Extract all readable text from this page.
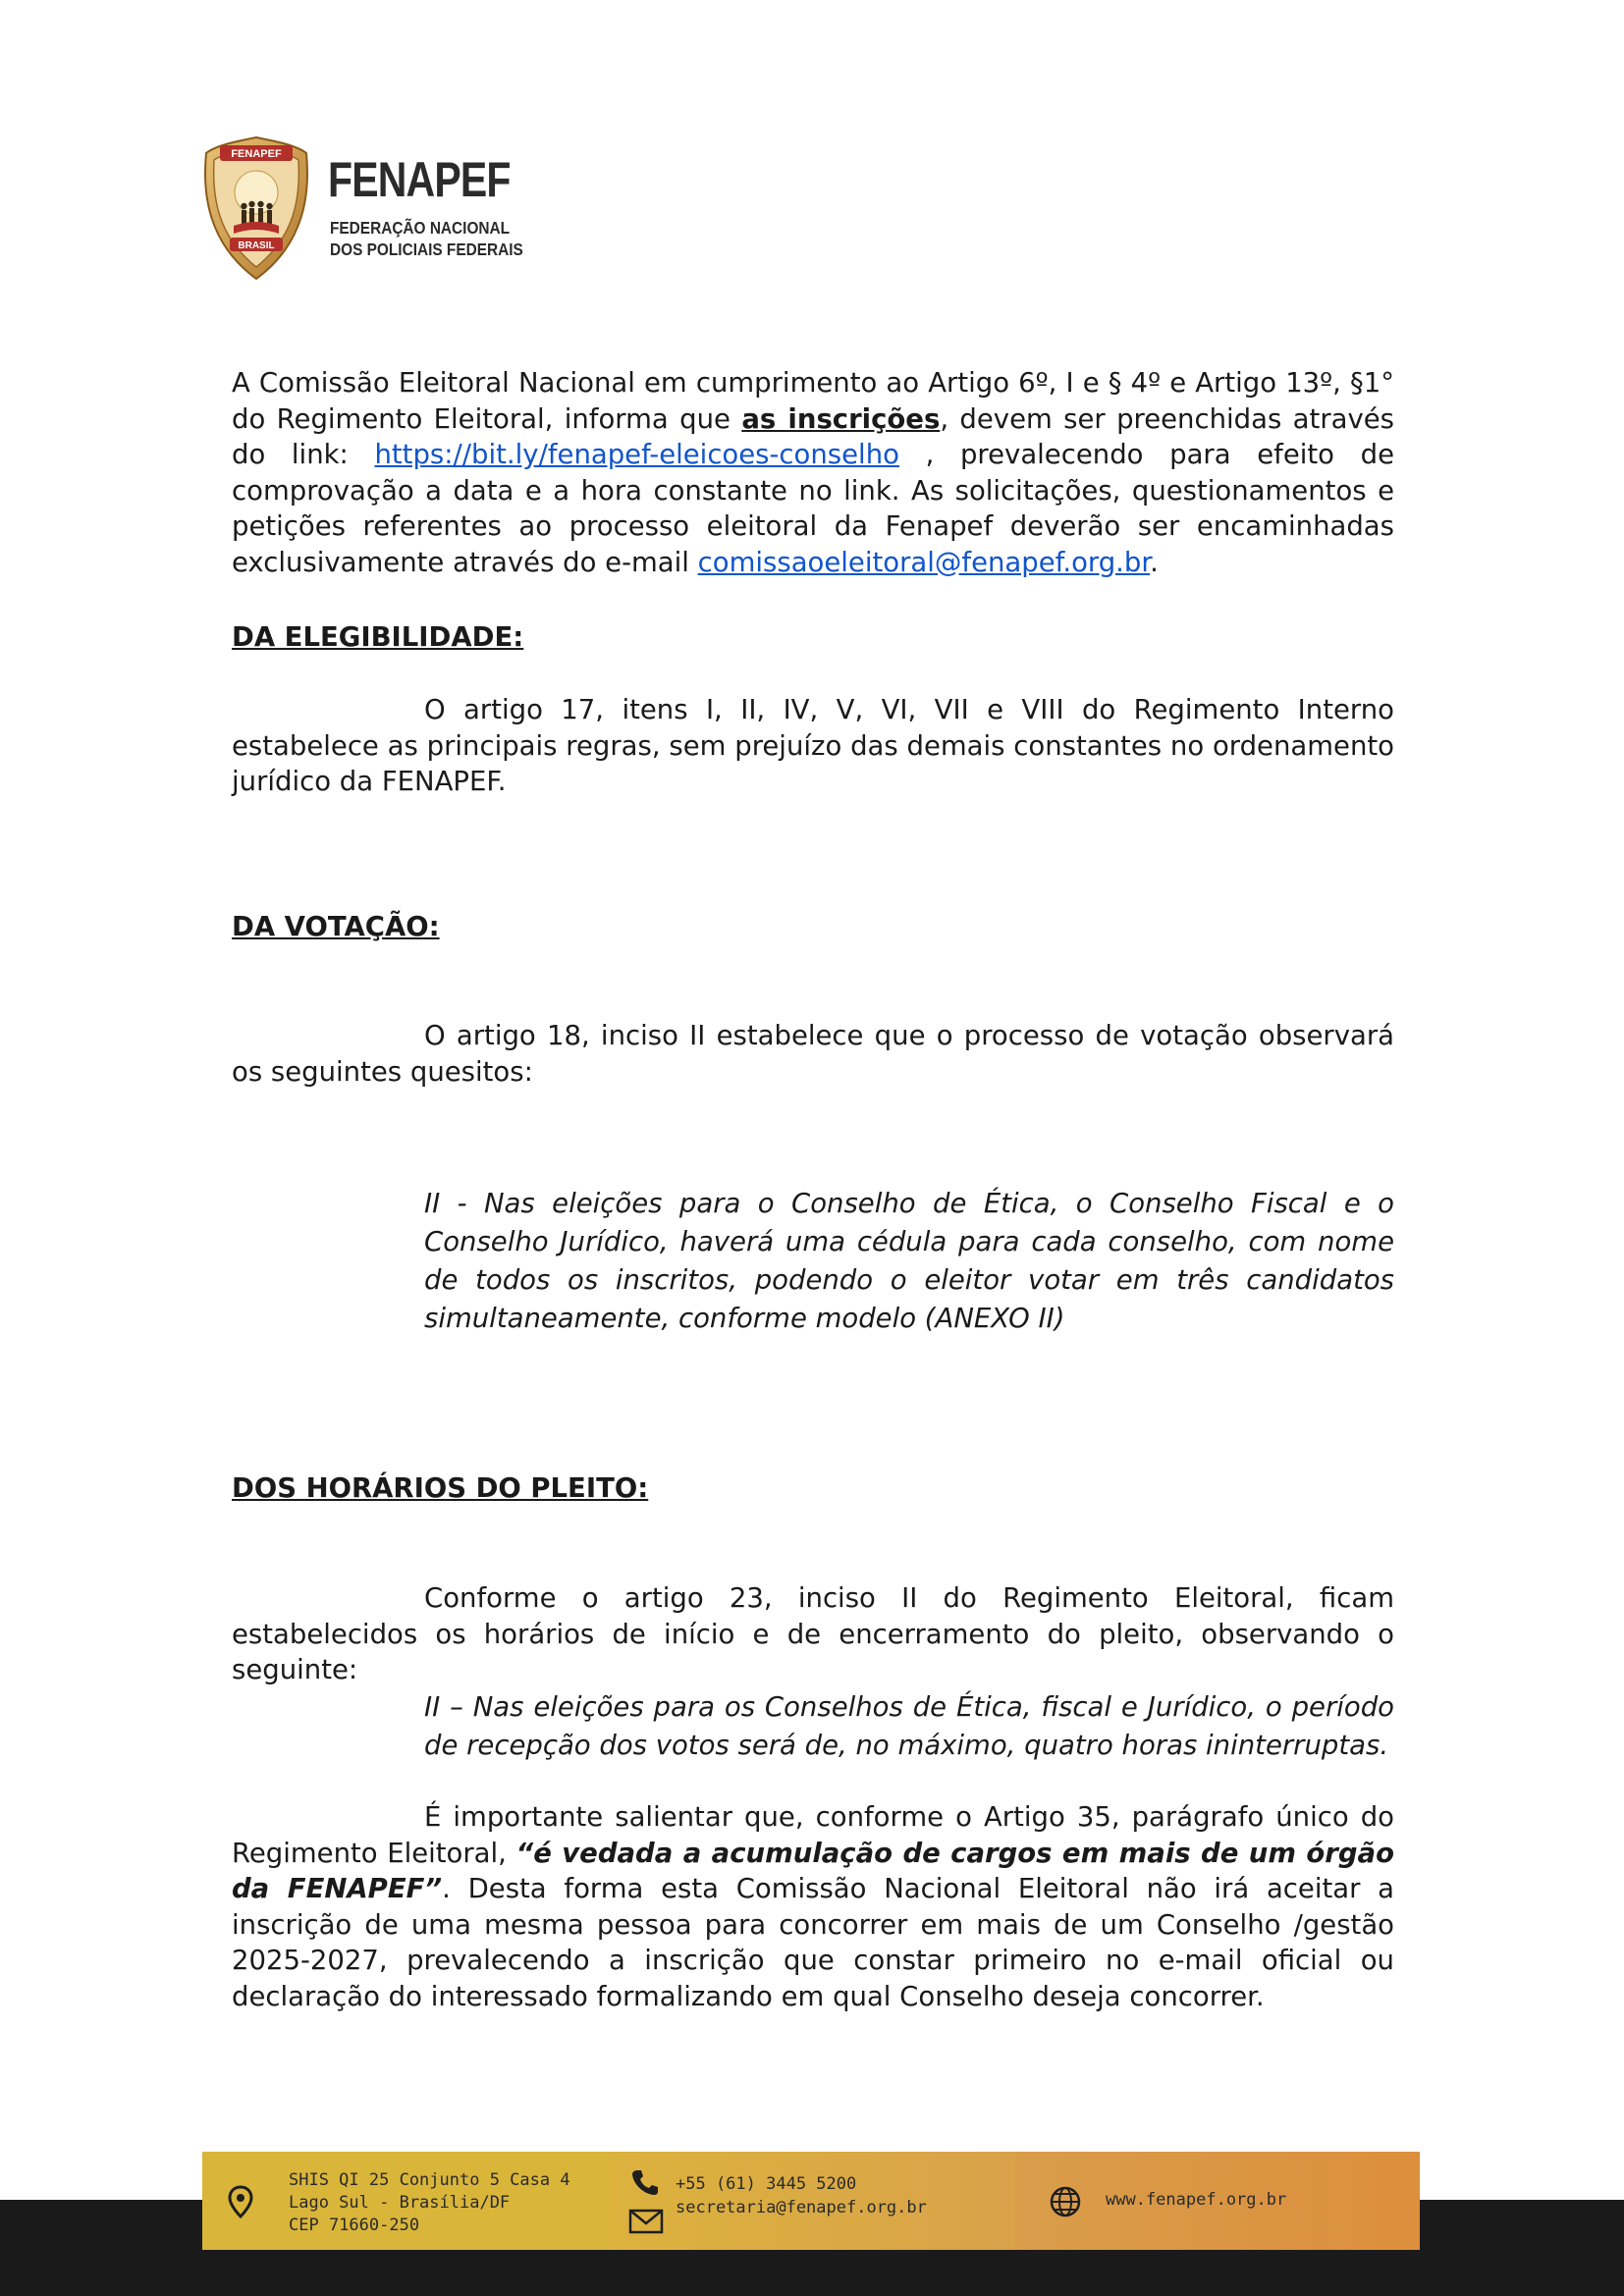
FENAPEF
BRASIL
FENAPEF
FEDERAÇÃO NACIONAL
DOS POLICIAIS FEDERAIS

A Comissão Eleitoral Nacional em cumprimento ao Artigo 6º, I e § 4º e Artigo 13º, §1° do Regimento Eleitoral, informa que as inscrições, devem ser preenchidas através do link: https://bit.ly/fenapef-eleicoes-conselho , prevalecendo para efeito de comprovação a data e a hora constante no link. As solicitações, questionamentos e petições referentes ao processo eleitoral da Fenapef deverão ser encaminhadas exclusivamente através do e-mail comissaoeleitoral@fenapef.org.br.

DA ELEGIBILIDADE:

O artigo 17, itens I, II, IV, V, VI, VII e VIII do Regimento Interno estabelece as principais regras, sem prejuízo das demais constantes no ordenamento jurídico da FENAPEF.

DA VOTAÇÃO:

O artigo 18, inciso II estabelece que o processo de votação observará os seguintes quesitos:

II - Nas eleições para o Conselho de Ética, o Conselho Fiscal e o Conselho Jurídico, haverá uma cédula para cada conselho, com nome de todos os inscritos, podendo o eleitor votar em três candidatos simultaneamente, conforme modelo (ANEXO II)

DOS HORÁRIOS DO PLEITO:

Conforme o artigo 23, inciso II do Regimento Eleitoral, ficam estabelecidos os horários de início e de encerramento do pleito, observando o seguinte:

II – Nas eleições para os Conselhos de Ética, fiscal e Jurídico, o período de recepção dos votos será de, no máximo, quatro horas ininterruptas.

É importante salientar que, conforme o Artigo 35, parágrafo único do Regimento Eleitoral, “é vedada a acumulação de cargos em mais de um órgão da FENAPEF”. Desta forma esta Comissão Nacional Eleitoral não irá aceitar a inscrição de uma mesma pessoa para concorrer em mais de um Conselho /gestão 2025-2027, prevalecendo a inscrição que constar primeiro no e-mail oficial ou declaração do interessado formalizando em qual Conselho deseja concorrer.

SHIS QI 25 Conjunto 5 Casa 4
Lago Sul - Brasília/DF
CEP 71660-250
+55 (61) 3445 5200
secretaria@fenapef.org.br	www.fenapef.org.br
